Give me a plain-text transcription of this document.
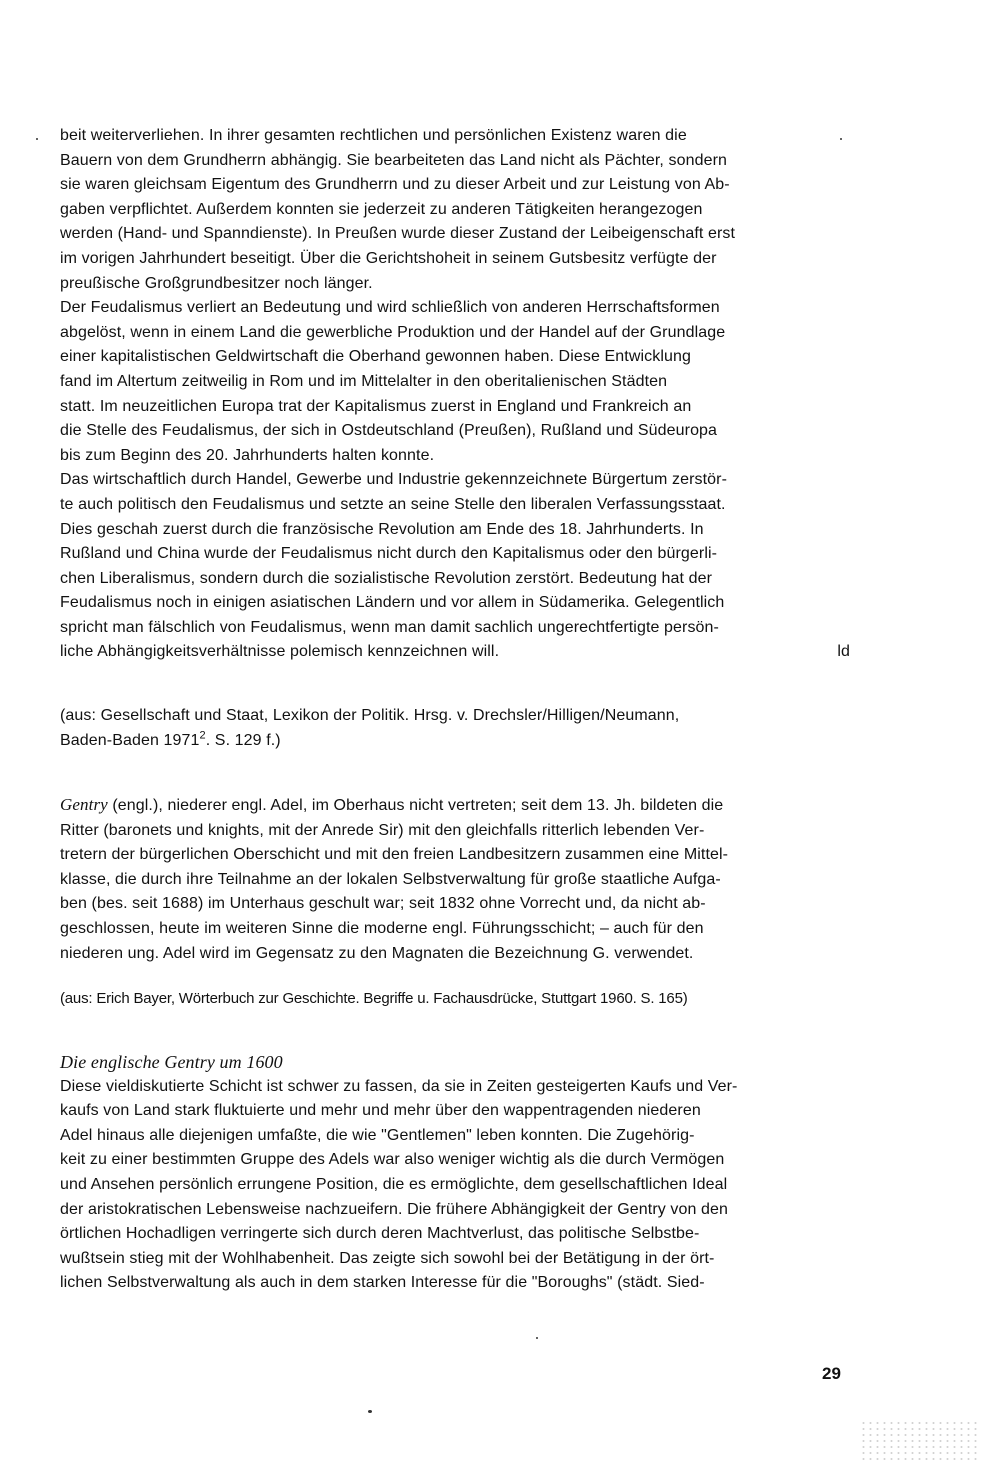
beit weiterverliehen. In ihrer gesamten rechtlichen und persönlichen Existenz waren die
Bauern von dem Grundherrn abhängig. Sie bearbeiteten das Land nicht als Pächter, sondern
sie waren gleichsam Eigentum des Grundherrn und zu dieser Arbeit und zur Leistung von Ab-
gaben verpflichtet. Außerdem konnten sie jederzeit zu anderen Tätigkeiten herangezogen
werden (Hand- und Spanndienste). In Preußen wurde dieser Zustand der Leibeigenschaft erst
im vorigen Jahrhundert beseitigt. Über die Gerichtshoheit in seinem Gutsbesitz verfügte der
preußische Großgrundbesitzer noch länger.
Der Feudalismus verliert an Bedeutung und wird schließlich von anderen Herrschaftsformen
abgelöst, wenn in einem Land die gewerbliche Produktion und der Handel auf der Grundlage
einer kapitalistischen Geldwirtschaft die Oberhand gewonnen haben. Diese Entwicklung
fand im Altertum zeitweilig in Rom und im Mittelalter in den oberitalienischen Städten
statt. Im neuzeitlichen Europa trat der Kapitalismus zuerst in England und Frankreich an
die Stelle des Feudalismus, der sich in Ostdeutschland (Preußen), Rußland und Südeuropa
bis zum Beginn des 20. Jahrhunderts halten konnte.
Das wirtschaftlich durch Handel, Gewerbe und Industrie gekennzeichnete Bürgertum zerstör-
te auch politisch den Feudalismus und setzte an seine Stelle den liberalen Verfassungsstaat.
Dies geschah zuerst durch die französische Revolution am Ende des 18. Jahrhunderts. In
Rußland und China wurde der Feudalismus nicht durch den Kapitalismus oder den bürgerli-
chen Liberalismus, sondern durch die sozialistische Revolution zerstört. Bedeutung hat der
Feudalismus noch in einigen asiatischen Ländern und vor allem in Südamerika. Gelegentlich
spricht man fälschlich von Feudalismus, wenn man damit sachlich ungerechtfertigte persön-
liche Abhängigkeitsverhältnisse polemisch kennzeichnen will.	ld
(aus: Gesellschaft und Staat, Lexikon der Politik. Hrsg. v. Drechsler/Hilligen/Neumann,
Baden-Baden 1971$^2$. S. 129 f.)
Gentry (engl.), niederer engl. Adel, im Oberhaus nicht vertreten; seit dem 13. Jh. bildeten die
Ritter (baronets und knights, mit der Anrede Sir) mit den gleichfalls ritterlich lebenden Ver-
tretern der bürgerlichen Oberschicht und mit den freien Landbesitzern zusammen eine Mittel-
klasse, die durch ihre Teilnahme an der lokalen Selbstverwaltung für große staatliche Aufga-
ben (bes. seit 1688) im Unterhaus geschult war; seit 1832 ohne Vorrecht und, da nicht ab-
geschlossen, heute im weiteren Sinne die moderne engl. Führungsschicht; – auch für den
niederen ung. Adel wird im Gegensatz zu den Magnaten die Bezeichnung G. verwendet.
(aus: Erich Bayer, Wörterbuch zur Geschichte. Begriffe u. Fachausdrücke, Stuttgart 1960. S. 165)
Die englische Gentry um 1600
Diese vieldiskutierte Schicht ist schwer zu fassen, da sie in Zeiten gesteigerten Kaufs und Ver-
kaufs von Land stark fluktuierte und mehr und mehr über den wappentragenden niederen
Adel hinaus alle diejenigen umfaßte, die wie "Gentlemen" leben konnten. Die Zugehörig-
keit zu einer bestimmten Gruppe des Adels war also weniger wichtig als die durch Vermögen
und Ansehen persönlich errungene Position, die es ermöglichte, dem gesellschaftlichen Ideal
der aristokratischen Lebensweise nachzueifern. Die frühere Abhängigkeit der Gentry von den
örtlichen Hochadligen verringerte sich durch deren Machtverlust, das politische Selbstbe-
wußtsein stieg mit der Wohlhabenheit. Das zeigte sich sowohl bei der Betätigung in der ört-
lichen Selbstverwaltung als auch in dem starken Interesse für die "Boroughs" (städt. Sied-
29
